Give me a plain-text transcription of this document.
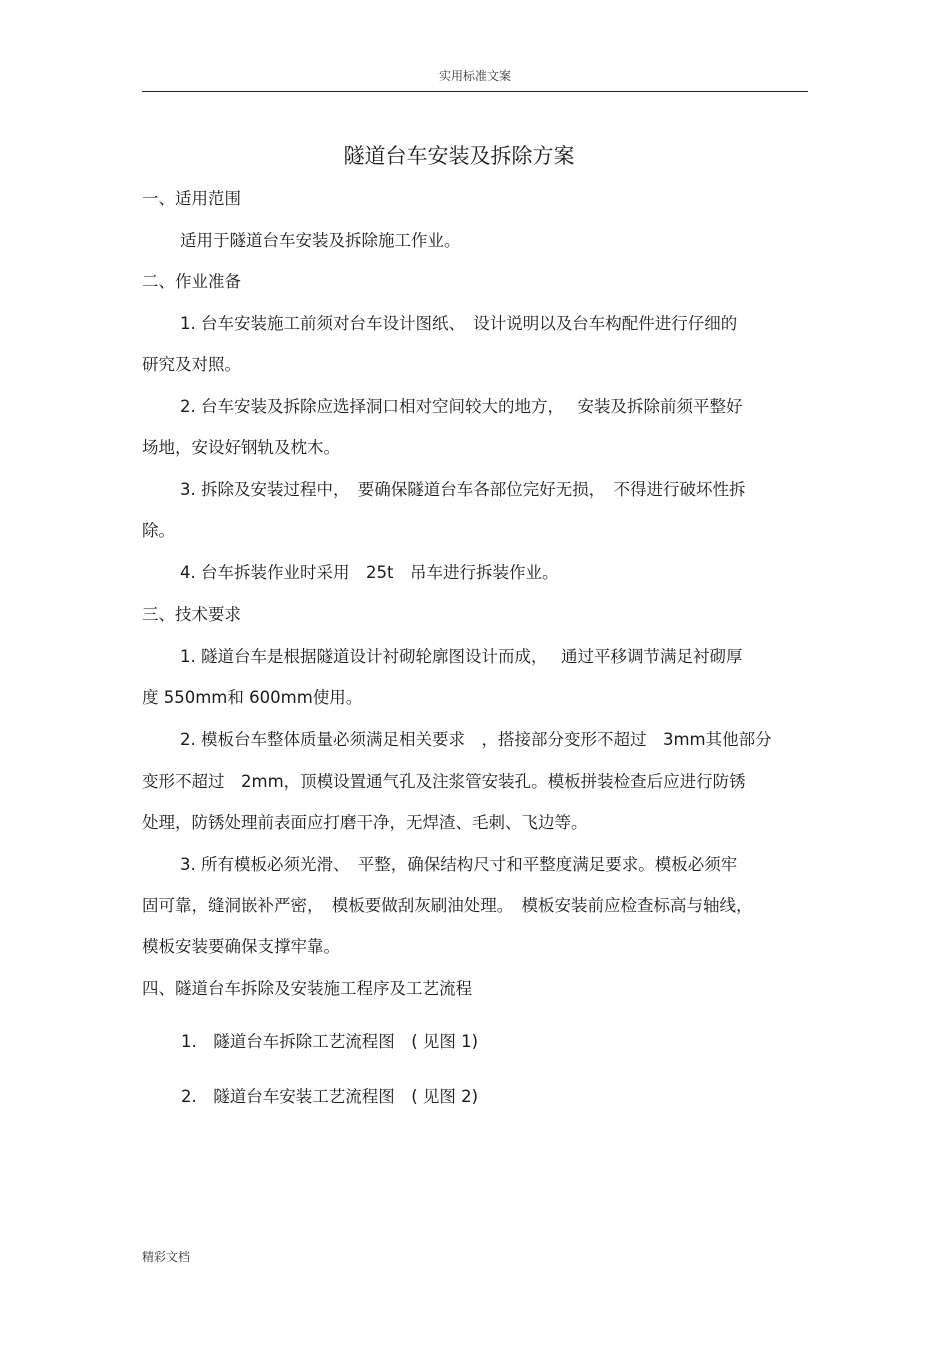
实用标准文案
隧道台车安装及拆除方案
一、适用范围
适用于隧道台车安装及拆除施工作业。
二、作业准备
1. 台车安装施工前须对台车设计图纸、　设计说明以及台车构配件进行仔细的
研究及对照。
2. 台车安装及拆除应选择洞口相对空间较大的地方，　 安装及拆除前须平整好
场地，安设好钢轨及枕木。
3. 拆除及安装过程中，　要确保隧道台车各部位完好无损，　不得进行破坏性拆
除。
4. 台车拆装作业时采用　25t　吊车进行拆装作业。
三、技术要求
1. 隧道台车是根据隧道设计衬砌轮廓图设计而成，　 通过平移调节满足衬砌厚
度 550mm和 600mm使用。
2. 模板台车整体质量必须满足相关要求　，搭接部分变形不超过　3mm其他部分
变形不超过　2mm，顶模设置通气孔及注浆管安装孔。模板拼装检查后应进行防锈
处理，防锈处理前表面应打磨干净，无焊渣、毛刺、飞边等。
3. 所有模板必须光滑、　平整，确保结构尺寸和平整度满足要求。模板必须牢
固可靠，缝洞嵌补严密，　模板要做刮灰刷油处理。　模板安装前应检查标高与轴线，
模板安装要确保支撑牢靠。
四、隧道台车拆除及安装施工程序及工艺流程
1.　隧道台车拆除工艺流程图　( 见图 1)
2.　隧道台车安装工艺流程图　( 见图 2)
精彩文档
